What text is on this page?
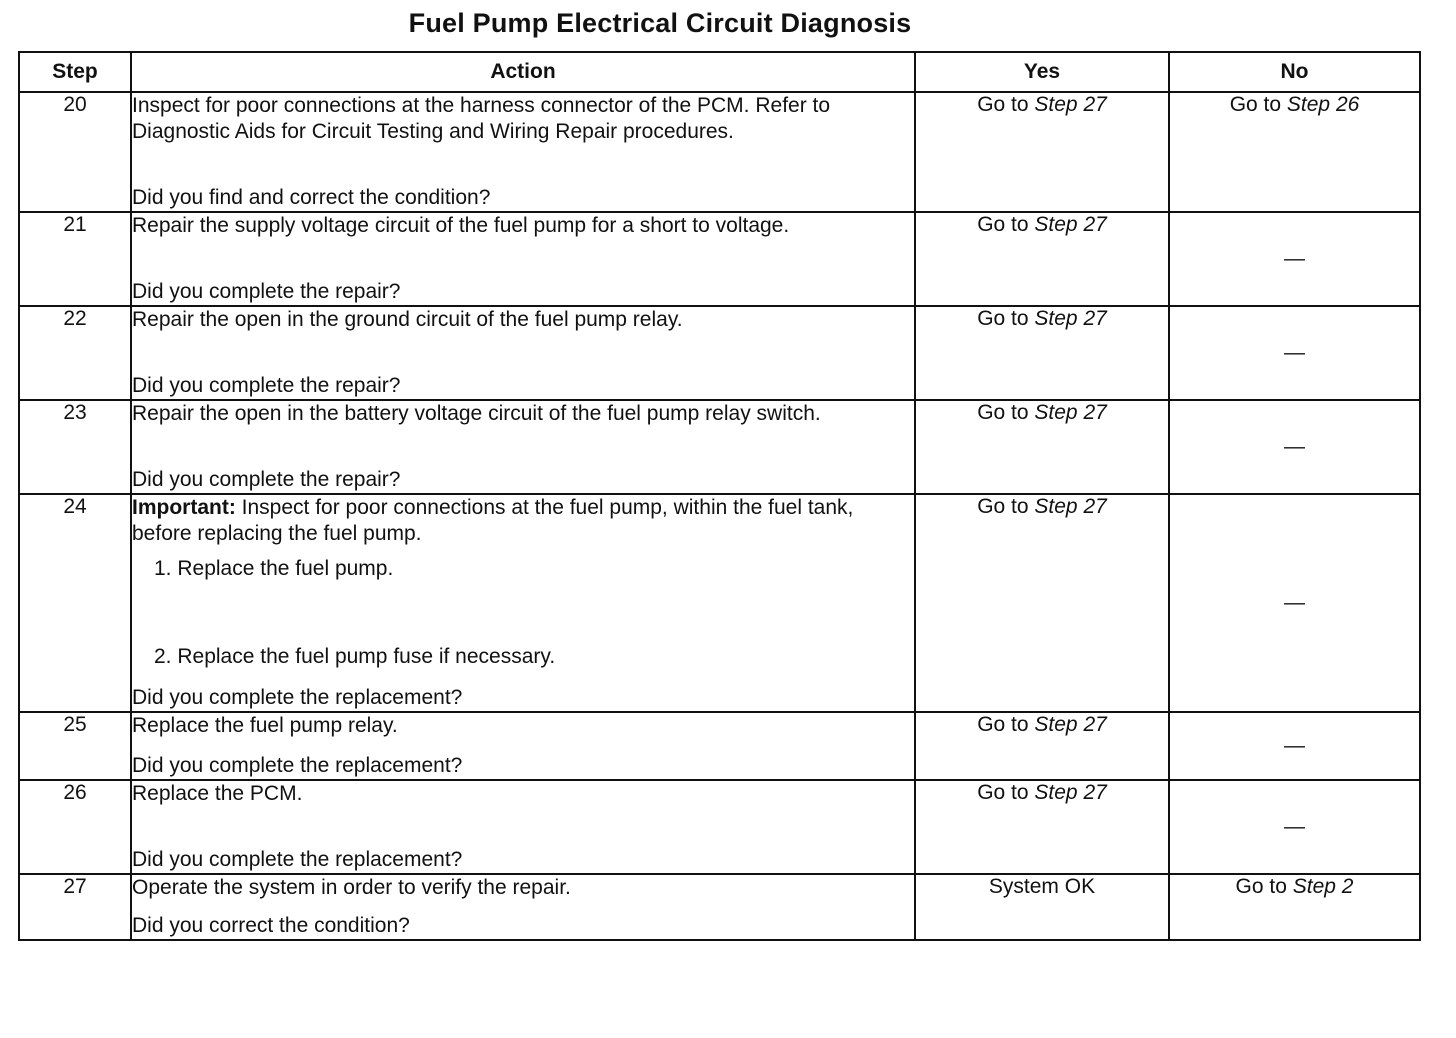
Fuel Pump Electrical Circuit Diagnosis
Step	Action	Yes	No
20	Inspect for poor connections at the harness connector of the PCM. Refer to Diagnostic Aids for Circuit Testing and Wiring Repair procedures.

Did you find and correct the condition?	Go to Step 27	Go to Step 26
21	Repair the supply voltage circuit of the fuel pump for a short to voltage.

Did you complete the repair?	Go to Step 27	—
22	Repair the open in the ground circuit of the fuel pump relay.

Did you complete the repair?	Go to Step 27	—
23	Repair the open in the battery voltage circuit of the fuel pump relay switch.

Did you complete the repair?	Go to Step 27	—
24	Important: Inspect for poor connections at the fuel pump, within the fuel tank, before replacing the fuel pump.

1. Replace the fuel pump.

2. Replace the fuel pump fuse if necessary.

Did you complete the replacement?	Go to Step 27	—
25	Replace the fuel pump relay.

Did you complete the replacement?	Go to Step 27	—
26	Replace the PCM.

Did you complete the replacement?	Go to Step 27	—
27	Operate the system in order to verify the repair.

Did you correct the condition?	System OK	Go to Step 2
